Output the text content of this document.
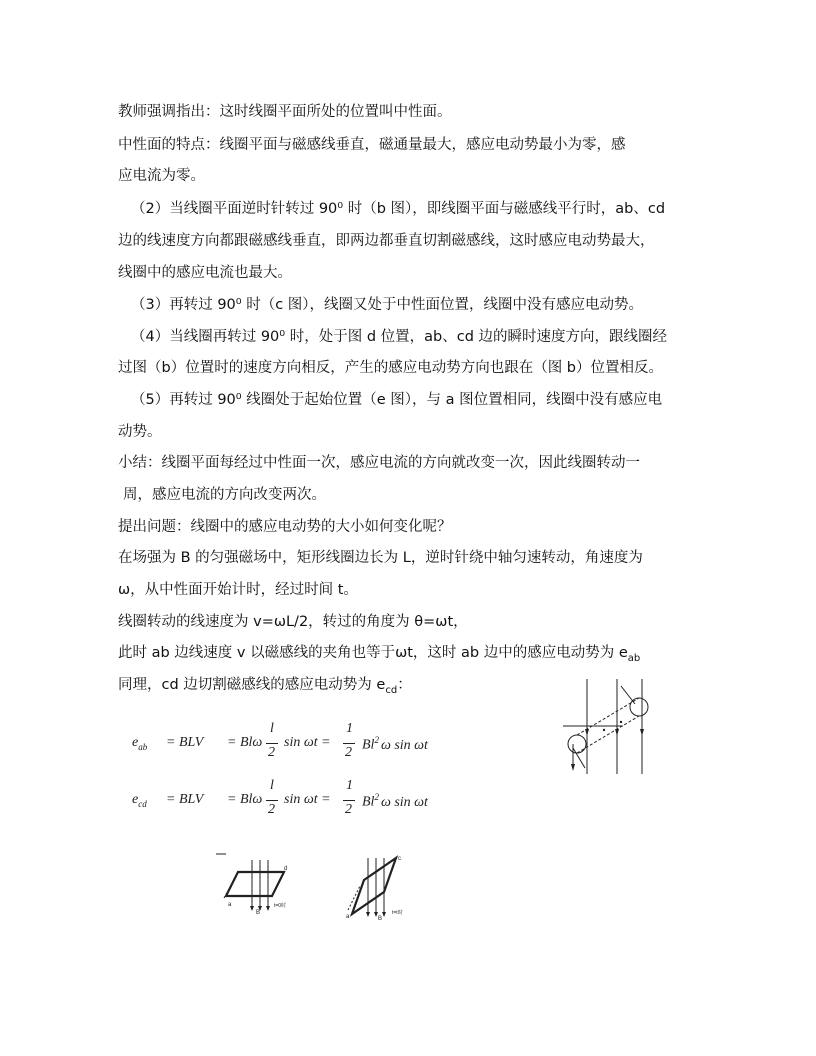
教师强调指出：这时线圈平面所处的位置叫中性面。
中性面的特点：线圈平面与磁感线垂直，磁通量最大，感应电动势最小为零，感
应电流为零。
（2）当线圈平面逆时针转过 90⁰ 时（b 图），即线圈平面与磁感线平行时，ab、cd
边的线速度方向都跟磁感线垂直，即两边都垂直切割磁感线，这时感应电动势最大，
线圈中的感应电流也最大。
（3）再转过 90⁰ 时（c 图），线圈又处于中性面位置，线圈中没有感应电动势。
（4）当线圈再转过 90⁰ 时，处于图 d 位置，ab、cd 边的瞬时速度方向，跟线圈经
过图（b）位置时的速度方向相反，产生的感应电动势方向也跟在（图 b）位置相反。
（5）再转过 90⁰ 线圈处于起始位置（e 图），与 a 图位置相同，线圈中没有感应电
动势。
小结：线圈平面每经过中性面一次，感应电流的方向就改变一次，因此线圈转动一
周，感应电流的方向改变两次。
提出问题：线圈中的感应电动势的大小如何变化呢？
在场强为 B 的匀强磁场中，矩形线圈边长为 L，逆时针绕中轴匀速转动，角速度为
ω，从中性面开始计时，经过时间 t。
线圈转动的线速度为 v=ωL/2，转过的角度为 θ=ωt，
此时 ab 边线速度 v 以磁感线的夹角也等于ωt，这时 ab 边中的感应电动势为 $e_{ab}$
同理，cd 边切割磁感线的感应电动势为 $e_{cd}$：
$e_{ab}$ = BLV = Blω
l
2
sin ωt =
1
2 Bl$^2$ ω sin ωt
$e_{cd}$ = BLV = Blω
l
2
sin ωt =
1
2 Bl$^2$ ω sin ωt
a
B
d
t=0时
a	B
c
t=t时
